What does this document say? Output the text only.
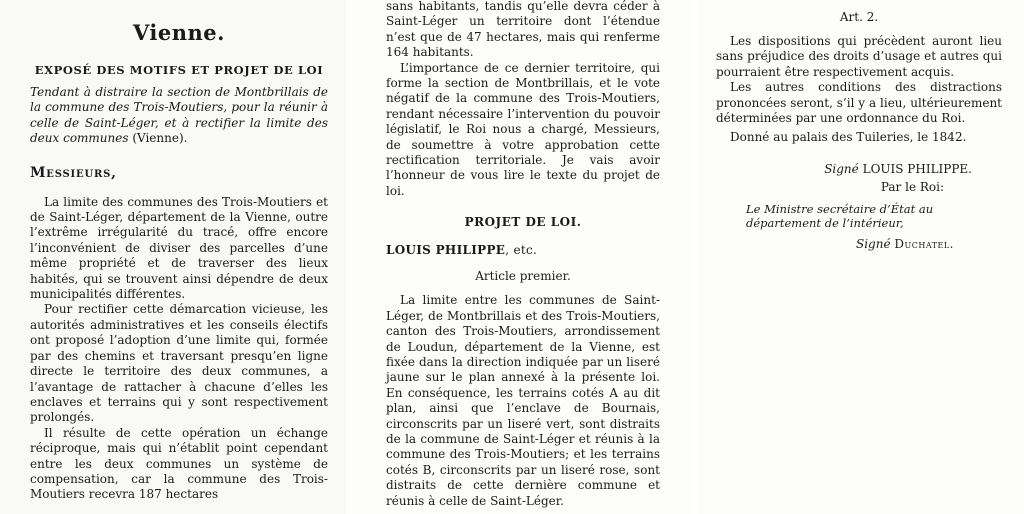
Vienne.
EXPOSÉ DES MOTIFS ET PROJET DE LOI
Tendant à distraire la section de Montbrillais de la commune des Trois-Moutiers, pour la réunir à celle de Saint-Léger, et à rectifier la limite des deux communes (Vienne).
Messieurs,

La limite des communes des Trois-Moutiers et de Saint-Léger, département de la Vienne, outre l’extrême irrégularité du tracé, offre encore l’inconvénient de diviser des parcelles d’une même propriété et de traverser des lieux habités, qui se trouvent ainsi dépendre de deux municipalités différentes.

Pour rectifier cette démarcation vicieuse, les autorités administratives et les conseils électifs ont proposé l’adoption d’une limite qui, formée par des chemins et traversant presqu’en ligne directe le territoire des deux communes, a l’avantage de rattacher à chacune d’elles les enclaves et terrains qui y sont respectivement prolongés.

Il résulte de cette opération un échange réciproque, mais qui n’établit point cependant entre les deux communes un système de compensation, car la commune des Trois-Moutiers recevra 187 hectares

sans habitants, tandis qu’elle devra céder à Saint-Léger un territoire dont l’étendue n’est que de 47 hectares, mais qui renferme 164 habitants.

L’importance de ce dernier territoire, qui forme la section de Montbrillais, et le vote négatif de la commune des Trois-Moutiers, rendant nécessaire l’intervention du pouvoir législatif, le Roi nous a chargé, Messieurs, de soumettre à votre approbation cette rectification territoriale. Je vais avoir l’honneur de vous lire le texte du projet de loi.

PROJET DE LOI.
LOUIS PHILIPPE, etc.
Article premier.

La limite entre les communes de Saint-Léger, de Montbrillais et des Trois-Moutiers, canton des Trois-Moutiers, arrondissement de Loudun, département de la Vienne, est fixée dans la direction indiquée par un liseré jaune sur le plan annexé à la présente loi. En conséquence, les terrains cotés A au dit plan, ainsi que l’enclave de Bournais, circonscrits par un liseré vert, sont distraits de la commune de Saint-Léger et réunis à la commune des Trois-Moutiers; et les terrains cotés B, circonscrits par un liseré rose, sont distraits de cette dernière commune et réunis à celle de Saint-Léger.

Art. 2.

Les dispositions qui précèdent auront lieu sans préjudice des droits d’usage et autres qui pourraient être respectivement acquis.

Les autres conditions des distractions prononcées seront, s’il y a lieu, ultérieurement déterminées par une ordonnance du Roi.

Donné au palais des Tuileries, le 1842.

Signé LOUIS PHILIPPE.
Par le Roi:
Le Ministre secrétaire d’État au département de l’intérieur,
Signé Duchatel.
